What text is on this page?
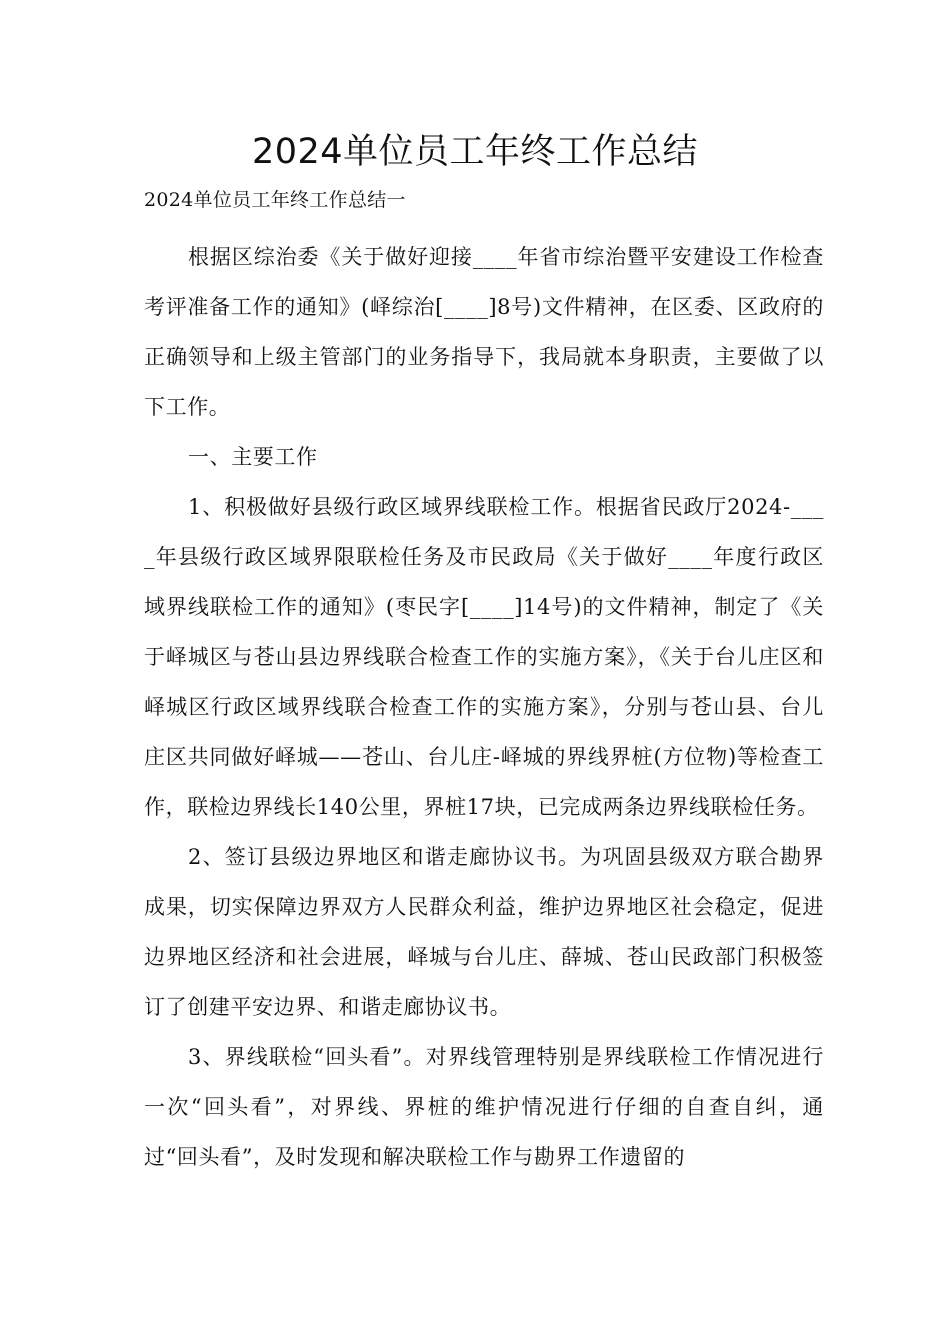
2024单位员工年终工作总结
2024单位员工年终工作总结一

根据区综治委《关于做好迎接____年省市综治暨平安建设工作检查考评准备工作的通知》(峄综治[____]8号)文件精神，在区委、区政府的正确领导和上级主管部门的业务指导下，我局就本身职责，主要做了以下工作。

一、主要工作

1、积极做好县级行政区域界线联检工作。根据省民政厅2024-____年县级行政区域界限联检任务及市民政局《关于做好____年度行政区域界线联检工作的通知》(枣民字[____]14号)的文件精神，制定了《关于峄城区与苍山县边界线联合检查工作的实施方案》，《关于台儿庄区和峄城区行政区域界线联合检查工作的实施方案》，分别与苍山县、台儿庄区共同做好峄城——苍山、台儿庄-峄城的界线界桩(方位物)等检查工作，联检边界线长140公里，界桩17块，已完成两条边界线联检任务。

2、签订县级边界地区和谐走廊协议书。为巩固县级双方联合勘界成果，切实保障边界双方人民群众利益，维护边界地区社会稳定，促进边界地区经济和社会进展，峄城与台儿庄、薛城、苍山民政部门积极签订了创建平安边界、和谐走廊协议书。

3、界线联检“回头看”。对界线管理特别是界线联检工作情况进行一次“回头看”，对界线、界桩的维护情况进行仔细的自查自纠，通过“回头看”，及时发现和解决联检工作与勘界工作遗留的
